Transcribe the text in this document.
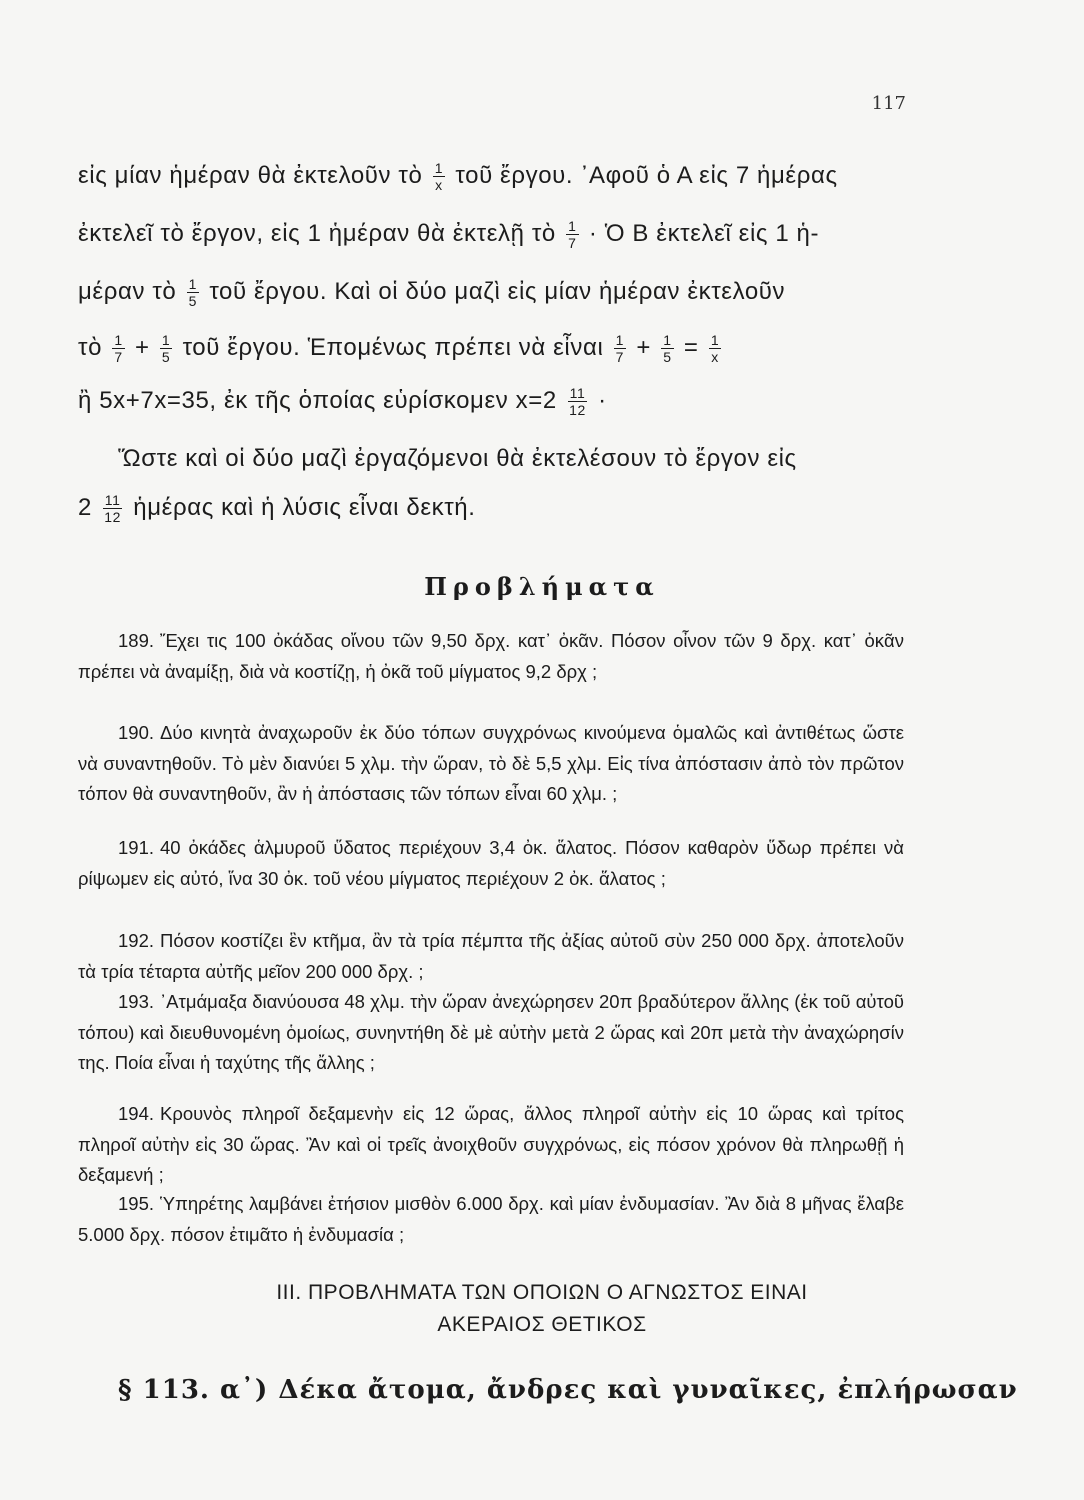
117
εἰς μίαν ἡμέραν θὰ ἐκτελοῦν τὸ $\frac{1}{x}$ τοῦ ἔργου. ᾽Αφοῦ ὁ Α εἰς 7 ἡμέρας
ἐκτελεῖ τὸ ἔργον, εἰς 1 ἡμέραν θὰ ἐκτελῇ τὸ $\frac{1}{7}$ · Ὁ Β ἐκτελεῖ εἰς 1 ἡ-
μέραν τὸ $\frac{1}{5}$ τοῦ ἔργου. Καὶ οἱ δύο μαζὶ εἰς μίαν ἡμέραν ἐκτελοῦν
τὸ $\frac{1}{7} + \frac{1}{5}$ τοῦ ἔργου. Ἑπομένως πρέπει νὰ εἶναι $\frac{1}{7} + \frac{1}{5} = \frac{1}{x}$
ἢ 5x+7x=35, ἐκ τῆς ὁποίας εὑρίσκομεν $x=2 \frac{11}{12}$ ·
Ὥστε καὶ οἱ δύο μαζὶ ἐργαζόμενοι θὰ ἐκτελέσουν τὸ ἔργον εἰς
$2 \frac{11}{12}$ ἡμέρας καὶ ἡ λύσις εἶναι δεκτή.
Προβλήματα
189. Ἔχει τις 100 ὀκάδας οἴνου τῶν 9,50 δρχ. κατ᾽ ὀκᾶν. Πόσον οἶνον τῶν 9 δρχ. κατ᾽ ὀκᾶν πρέπει νὰ ἀναμίξῃ, διὰ νὰ κοστίζῃ, ἡ ὀκᾶ τοῦ μίγματος 9,2 δρχ ;
190. Δύο κινητὰ ἀναχωροῦν ἐκ δύο τόπων συγχρόνως κινούμενα ὁμαλῶς καὶ ἀντιθέτως ὥστε νὰ συναντηθοῦν. Τὸ μὲν διανύει 5 χλμ. τὴν ὥραν, τὸ δὲ 5,5 χλμ. Εἰς τίνα ἀπόστασιν ἀπὸ τὸν πρῶτον τόπον θὰ συναντηθοῦν, ἂν ἡ ἀπόστασις τῶν τόπων εἶναι 60 χλμ. ;
191. 40 ὀκάδες ἁλμυροῦ ὕδατος περιέχουν 3,4 ὀκ. ἅλατος. Πόσον καθαρὸν ὕδωρ πρέπει νὰ ρίψωμεν εἰς αὐτό, ἵνα 30 ὀκ. τοῦ νέου μίγματος περιέχουν 2 ὀκ. ἅλατος ;
192. Πόσον κοστίζει ἓν κτῆμα, ἂν τὰ τρία πέμπτα τῆς ἀξίας αὐτοῦ σὺν 250 000 δρχ. ἀποτελοῦν τὰ τρία τέταρτα αὐτῆς μεῖον 200 000 δρχ. ;
193. ᾽Ατμάμαξα διανύουσα 48 χλμ. τὴν ὥραν ἀνεχώρησεν 20π βραδύτερον ἄλλης (ἐκ τοῦ αὐτοῦ τόπου) καὶ διευθυνομένη ὁμοίως, συνηντήθη δὲ μὲ αὐτὴν μετὰ 2 ὥρας καὶ 20π μετὰ τὴν ἀναχώρησίν της. Ποία εἶναι ἡ ταχύτης τῆς ἄλλης ;
194. Κρουνὸς πληροῖ δεξαμενὴν εἰς 12 ὥρας, ἄλλος πληροῖ αὐτὴν εἰς 10 ὥρας καὶ τρίτος πληροῖ αὐτὴν εἰς 30 ὥρας. Ἂν καὶ οἱ τρεῖς ἀνοιχθοῦν συγχρόνως, εἰς πόσον χρόνον θὰ πληρωθῇ ἡ δεξαμενή ;
195. Ὑπηρέτης λαμβάνει ἐτήσιον μισθὸν 6.000 δρχ. καὶ μίαν ἐνδυμασίαν. Ἂν διὰ 8 μῆνας ἔλαβε 5.000 δρχ. πόσον ἐτιμᾶτο ἡ ἐνδυμασία ;
ΙΙΙ. ΠΡΟΒΛΗΜΑΤΑ ΤΩΝ ΟΠΟΙΩΝ Ο ΑΓΝΩΣΤΟΣ ΕΙΝΑΙ
ΑΚΕΡΑΙΟΣ ΘΕΤΙΚΟΣ
§ 113. α᾽) Δέκα ἄτομα, ἄνδρες καὶ γυναῖκες, ἐπλήρωσαν
